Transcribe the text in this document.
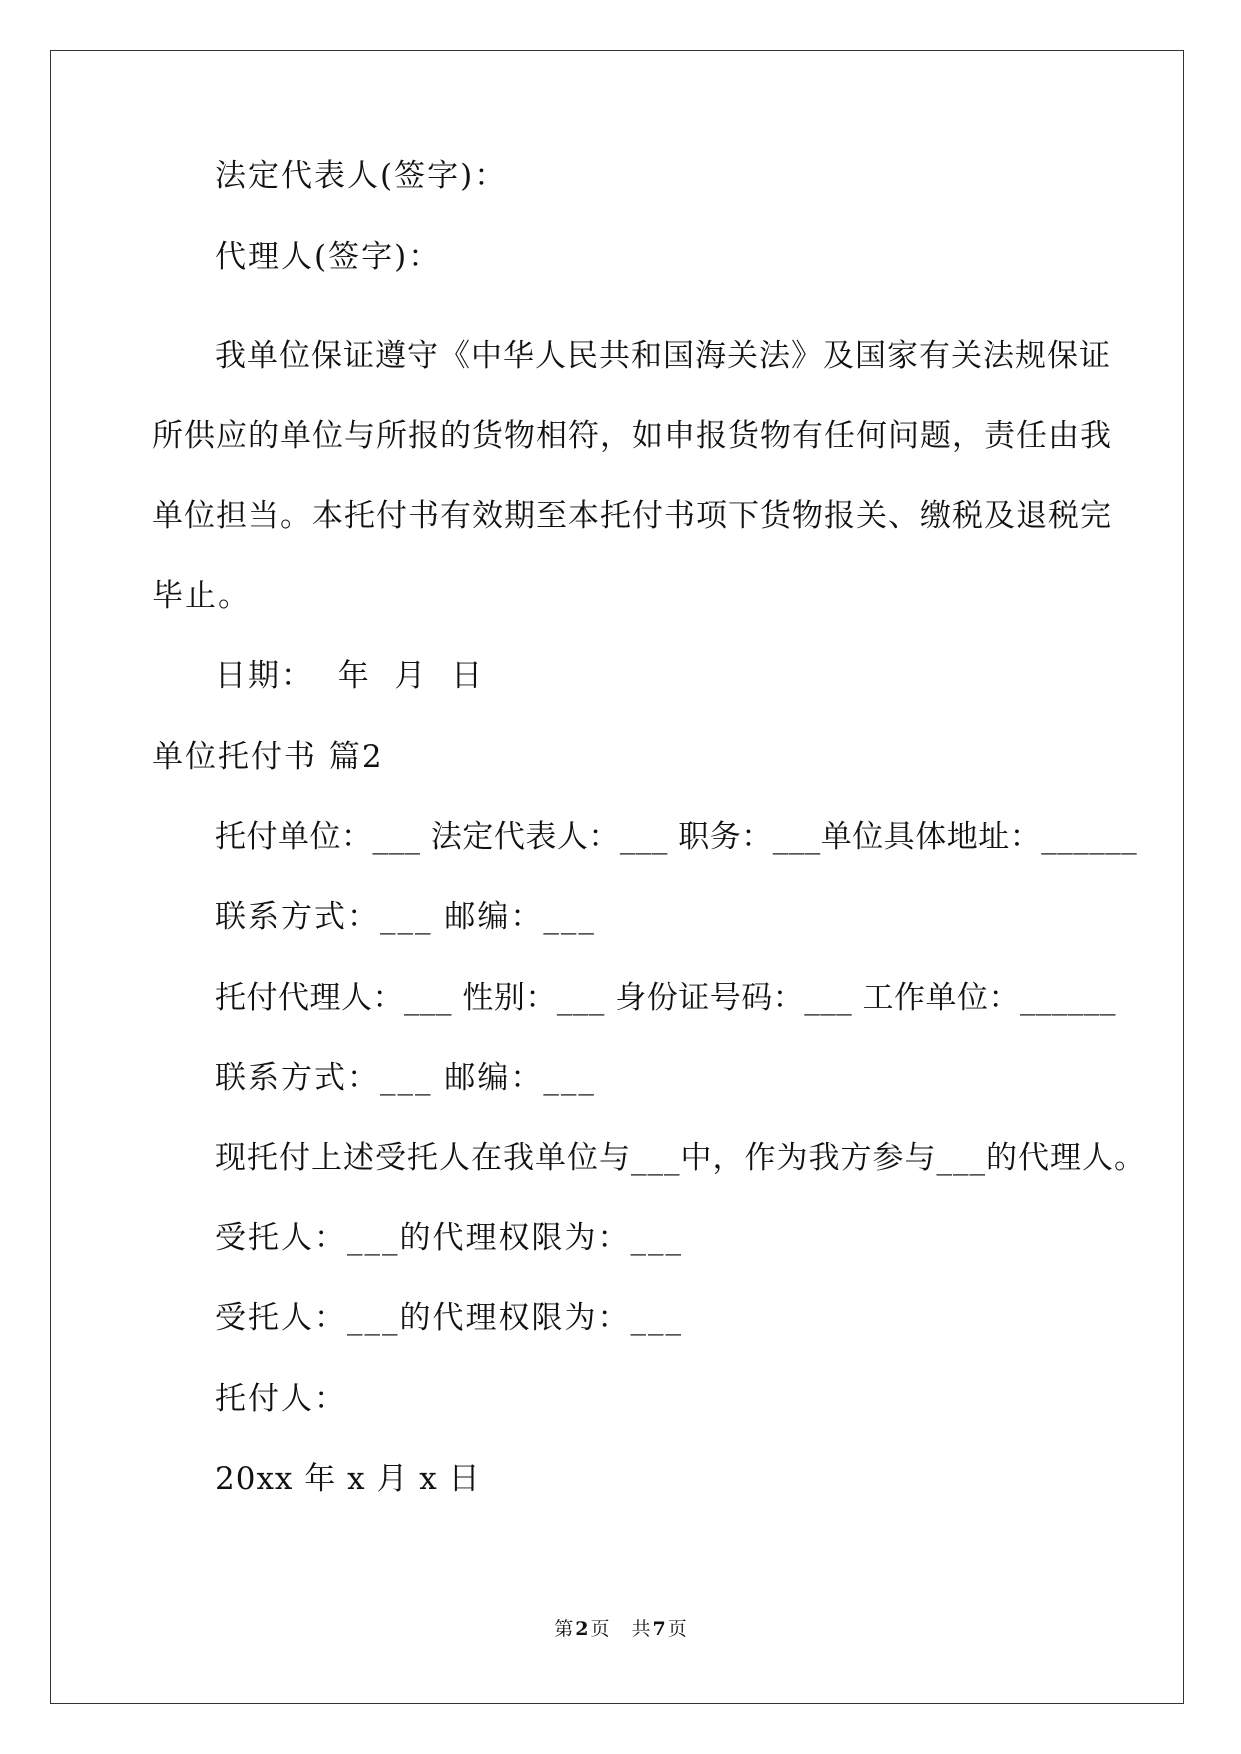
法定代表人(签字)：
代理人(签字)：
我单位保证遵守《中华人民共和国海关法》及国家有关法规保证
所供应的单位与所报的货物相符，如申报货物有任何问题，责任由我
单位担当。本托付书有效期至本托付书项下货物报关、缴税及退税完
毕止。
日期：  年  月  日
单位托付书 篇2
托付单位：___ 法定代表人：___ 职务：___单位具体地址：______
联系方式：___ 邮编：___
托付代理人：___ 性别：___ 身份证号码：___ 工作单位：______
联系方式：___ 邮编：___
现托付上述受托人在我单位与___中，作为我方参与___的代理人。
受托人：___的代理权限为：___
受托人：___的代理权限为：___
托付人：
20xx 年 x 月 x 日
第 2 页 共 7 页
